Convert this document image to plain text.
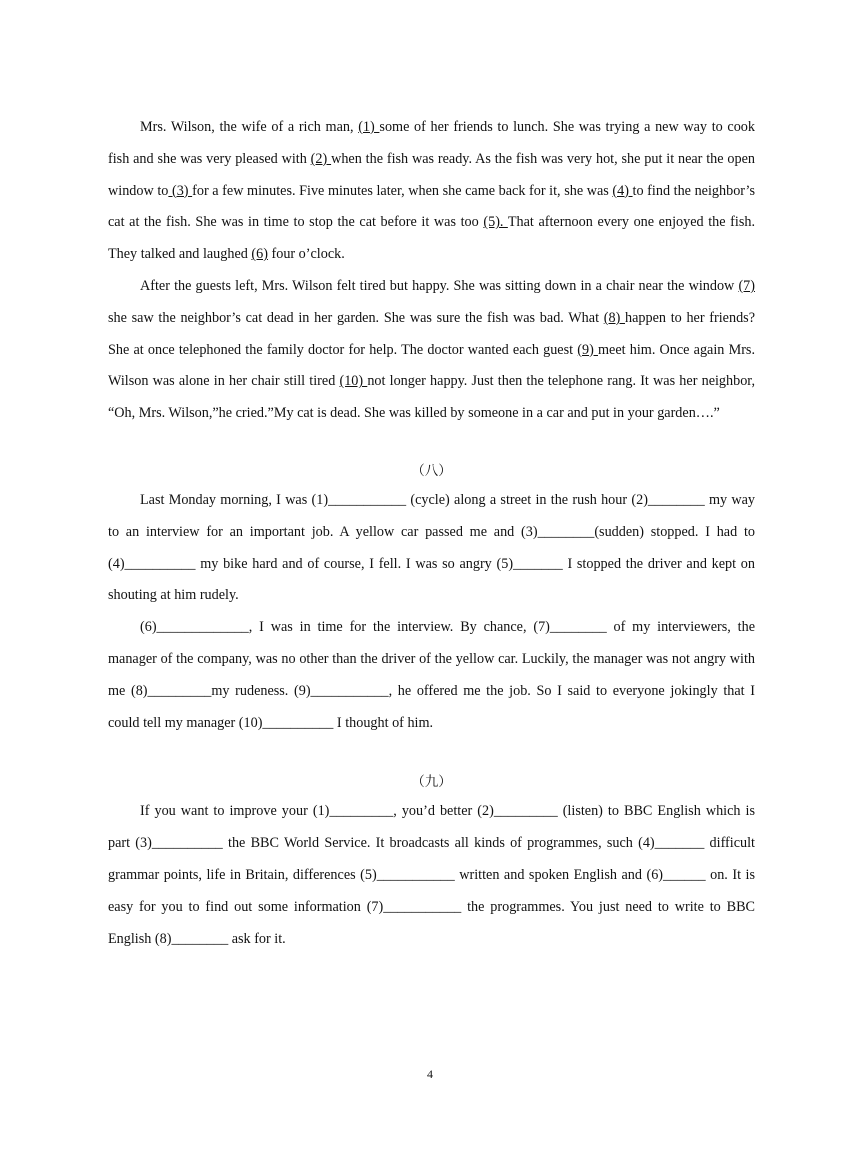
Mrs. Wilson, the wife of a rich man, (1) some of her friends to lunch. She was trying a new way to cook fish and she was very pleased with (2) when the fish was ready. As the fish was very hot, she put it near the open window to (3) for a few minutes. Five minutes later, when she came back for it, she was (4) to find the neighbor’s cat at the fish. She was in time to stop the cat before it was too (5). That afternoon every one enjoyed the fish. They talked and laughed (6) four o’clock.

After the guests left, Mrs. Wilson felt tired but happy. She was sitting down in a chair near the window (7) she saw the neighbor’s cat dead in her garden. She was sure the fish was bad. What (8) happen to her friends? She at once telephoned the family doctor for help. The doctor wanted each guest (9) meet him. Once again Mrs. Wilson was alone in her chair still tired (10) not longer happy. Just then the telephone rang. It was her neighbor, “Oh, Mrs. Wilson,”he cried.”My cat is dead. She was killed by someone in a car and put in your garden….”

（八）

Last Monday morning, I was (1)___________ (cycle) along a street in the rush hour (2)________ my way to an interview for an important job. A yellow car passed me and (3)________(sudden) stopped. I had to (4)__________ my bike hard and of course, I fell. I was so angry (5)_______ I stopped the driver and kept on shouting at him rudely.

(6)_____________, I was in time for the interview. By chance, (7)________ of my interviewers, the manager of the company, was no other than the driver of the yellow car. Luckily, the manager was not angry with me (8)_________my rudeness. (9)___________, he offered me the job. So I said to everyone jokingly that I could tell my manager (10)__________ I thought of him.

（九）

If you want to improve your (1)_________, you’d better (2)_________ (listen) to BBC English which is part (3)__________ the BBC World Service. It broadcasts all kinds of programmes, such (4)_______ difficult grammar points, life in Britain, differences (5)___________ written and spoken English and (6)______ on. It is easy for you to find out some information (7)___________ the programmes. You just need to write to BBC English (8)________ ask for it.

4
